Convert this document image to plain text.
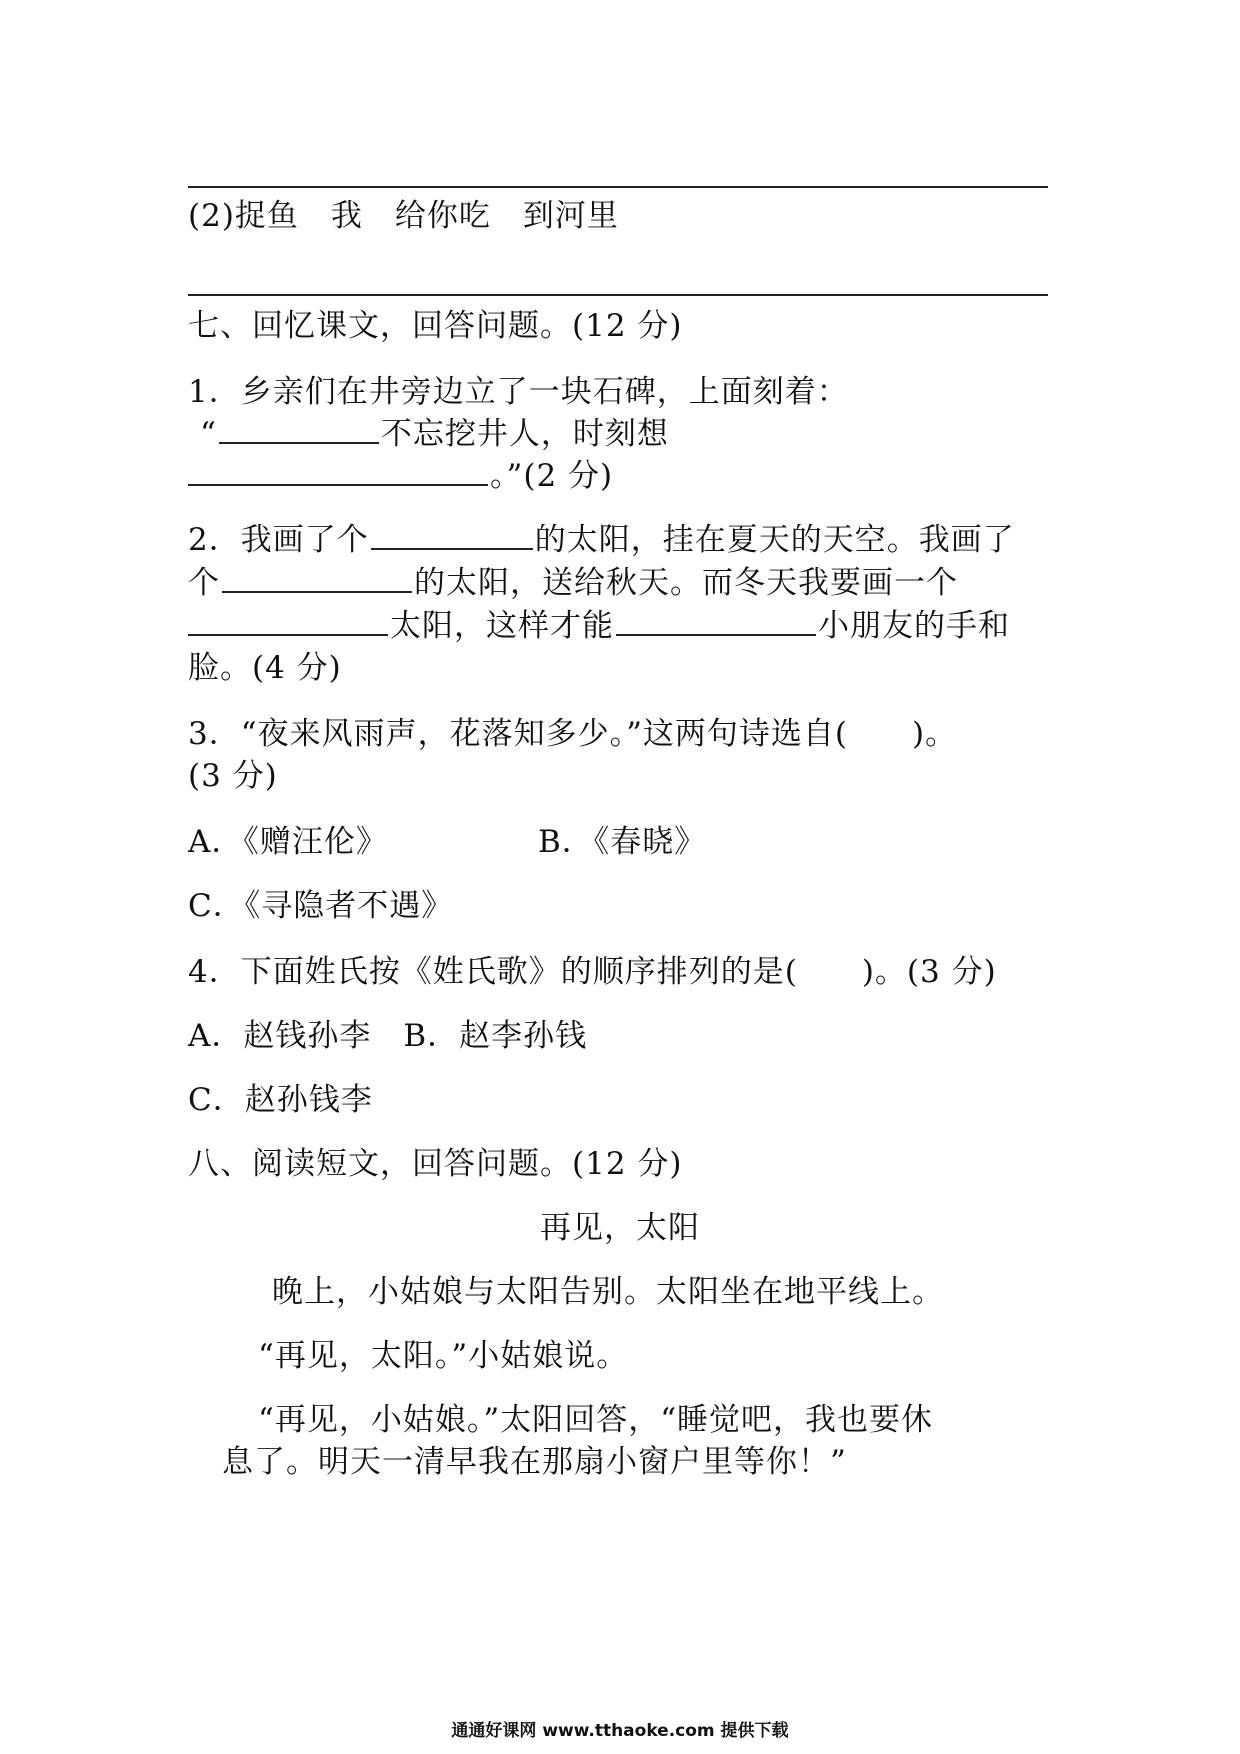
(2)捉鱼　我　给你吃　到河里
七、回忆课文，回答问题。(12 分)
1．乡亲们在井旁边立了一块石碑，上面刻着：
“	不忘挖井人，时刻想
。”(2 分)
2．我画了个	的太阳，挂在夏天的天空。我画了
个	的太阳，送给秋天。而冬天我要画一个
太阳，这样才能	小朋友的手和
脸。(4 分)
3．“夜来风雨声，花落知多少。”这两句诗选自(　　)。
(3 分)
A．《赠汪伦》	B．《春晓》
C．《寻隐者不遇》
4．下面姓氏按《姓氏歌》的顺序排列的是(　　)。(3 分)
A．赵钱孙李　B．赵李孙钱
C．赵孙钱李
八、阅读短文，回答问题。(12 分)
再见，太阳
晚上，小姑娘与太阳告别。太阳坐在地平线上。
“再见，太阳。”小姑娘说。
“再见，小姑娘。”太阳回答，“睡觉吧，我也要休
息了。明天一清早我在那扇小窗户里等你！”
通通好课网 www.tthaoke.com 提供下载
